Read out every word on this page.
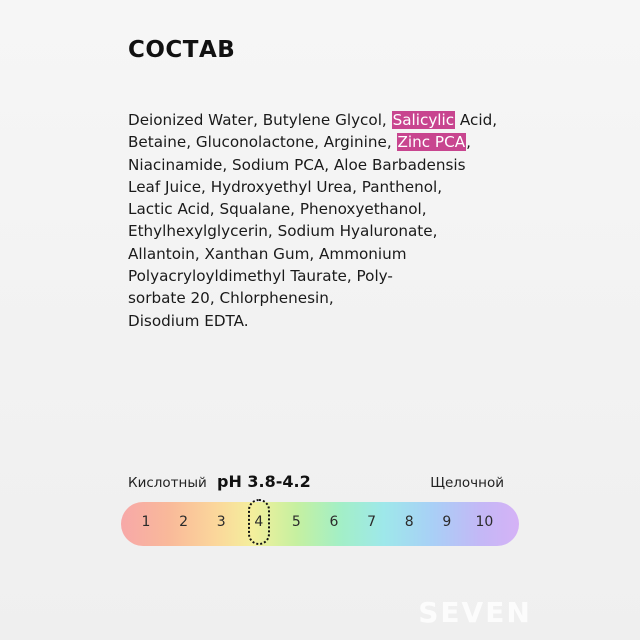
СОСТАВ
Deionized Water, Butylene Glycol, Salicylic Acid,
Betaine, Gluconolactone, Arginine, Zinc PCA,
Niacinamide, Sodium PCA, Aloe Barbadensis
Leaf Juice, Hydroxyethyl Urea, Panthenol,
Lactic Acid, Squalane, Phenoxyethanol,
Ethylhexylglycerin, Sodium Hyaluronate,
Allantoin, Xanthan Gum, Ammonium
Polyacryloyldimethyl Taurate, Poly-
sorbate 20, Chlorphenesin,
Disodium EDTA.
Кислотный pH 3.8-4.2	Щелочной
1	2	3	4	5	6	7	8	9	10
SEVEN
